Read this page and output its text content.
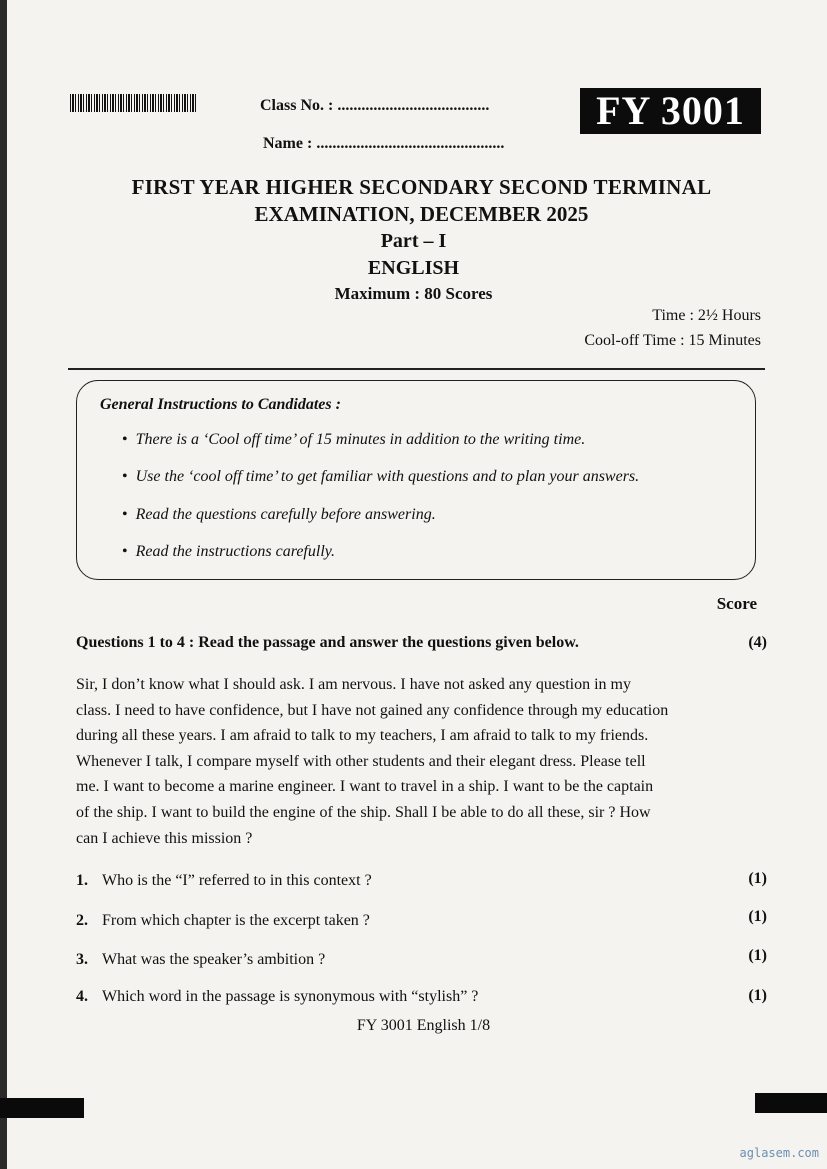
Class No. : ......................................
Name : ...............................................
FY 3001
FIRST YEAR HIGHER SECONDARY SECOND TERMINAL
EXAMINATION, DECEMBER 2025
Part – I
ENGLISH
Maximum : 80 Scores
Time : 2½ Hours
Cool-off Time : 15 Minutes
General Instructions to Candidates :
• There is a ‘Cool off time’ of 15 minutes in addition to the writing time.
• Use the ‘cool off time’ to get familiar with questions and to plan your answers.
• Read the questions carefully before answering.
• Read the instructions carefully.
Score
Questions 1 to 4 : Read the passage and answer the questions given below.	(4)
Sir, I don’t know what I should ask. I am nervous. I have not asked any question in my
class. I need to have confidence, but I have not gained any confidence through my education
during all these years. I am afraid to talk to my teachers, I am afraid to talk to my friends.
Whenever I talk, I compare myself with other students and their elegant dress. Please tell
me. I want to become a marine engineer. I want to travel in a ship. I want to be the captain
of the ship. I want to build the engine of the ship. Shall I be able to do all these, sir ? How
can I achieve this mission ?
1. Who is the “I” referred to in this context ?	(1)
2. From which chapter is the excerpt taken ?	(1)
3. What was the speaker’s ambition ?	(1)
4. Which word in the passage is synonymous with “stylish” ?	(1)
FY 3001 English 1/8
aglasem.com
